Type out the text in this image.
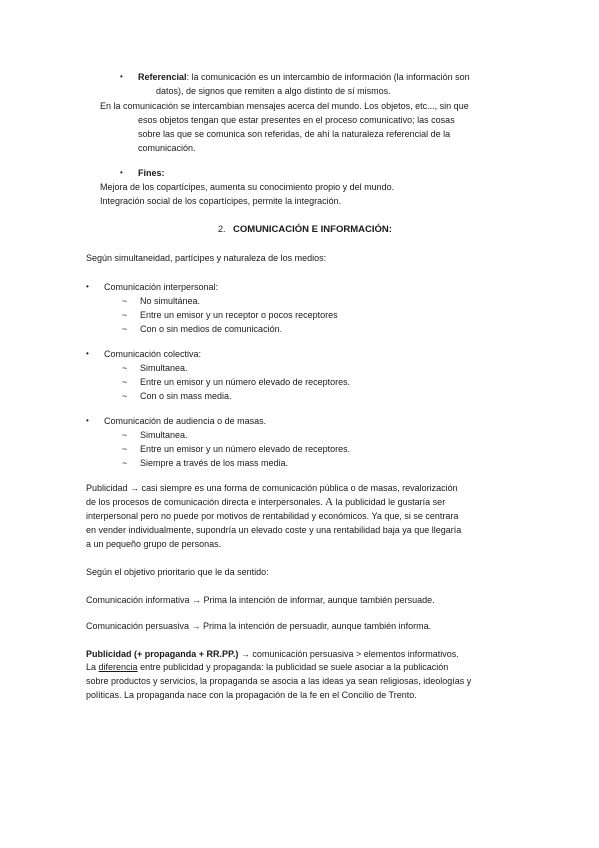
• Referencial: la comunicación es un intercambio de información (la información son
datos), de signos que remiten a algo distinto de sí mismos.
En la comunicación se intercambian mensajes acerca del mundo. Los objetos, etc..., sin que
esos objetos tengan que estar presentes en el proceso comunicativo; las cosas
sobre las que se comunica son referidas, de ahí la naturaleza referencial de la
comunicación.
• Fines:
Mejora de los copartícipes, aumenta su conocimiento propio y del mundo.
Integración social de los copartícipes, permite la integración.
2. COMUNICACIÓN E INFORMACIÓN:
Según simultaneidad, partícipes y naturaleza de los medios:
• Comunicación interpersonal:
~ No simultánea.
~ Entre un emisor y un receptor o pocos receptores
~ Con o sin medios de comunicación.
• Comunicación colectiva:
~ Simultanea.
~ Entre un emisor y un número elevado de receptores.
~ Con o sin mass media.
• Comunicación de audiencia o de masas.
~ Simultanea.
~ Entre un emisor y un número elevado de receptores.
~ Siempre a través de los mass media.
Publicidad → casi siempre es una forma de comunicación pública o de masas, revalorización
de los procesos de comunicación directa e interpersonales. A la publicidad le gustaría ser
interpersonal pero no puede por motivos de rentabilidad y económicos. Ya que, si se centrara
en vender individualmente, supondría un elevado coste y una rentabilidad baja ya que llegaría
a un pequeño grupo de personas.
Según el objetivo prioritario que le da sentido:
Comunicación informativa → Prima la intención de informar, aunque también persuade.
Comunicación persuasiva → Prima la intención de persuadir, aunque también informa.
Publicidad (+ propaganda + RR.PP.) → comunicación persuasiva > elementos informativos.
La diferencia entre publicidad y propaganda: la publicidad se suele asociar a la publicación
sobre productos y servicios, la propaganda se asocia a las ideas ya sean religiosas, ideologías y
políticas. La propaganda nace con la propagación de la fe en el Concilio de Trento.
